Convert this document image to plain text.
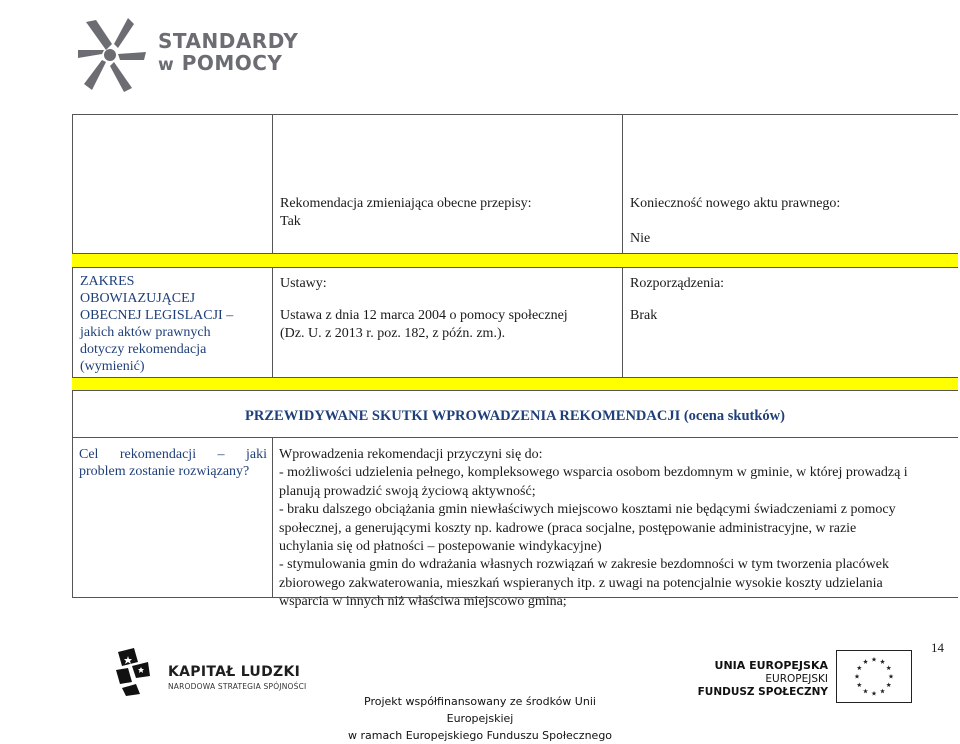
STANDARDY
w POMOCY
Rekomendacja zmieniająca obecne przepisy:
Tak
Konieczność nowego aktu prawnego:
Nie
ZAKRES
OBOWIAZUJĄCEJ
OBECNEJ LEGISLACJI –
jakich aktów prawnych
dotyczy rekomendacja
(wymienić)
Ustawy:
Ustawa z dnia 12 marca 2004 o pomocy społecznej
(Dz. U. z 2013 r. poz. 182, z późn. zm.).
Rozporządzenia:
Brak
PRZEWIDYWANE SKUTKI WPROWADZENIA REKOMENDACJI (ocena skutków)
Cel rekomendacji – jaki
problem zostanie rozwiązany?
Wprowadzenia rekomendacji przyczyni się do:
- możliwości udzielenia pełnego, kompleksowego wsparcia osobom bezdomnym w gminie, w której prowadzą i
planują prowadzić swoją życiową aktywność;
- braku dalszego obciążania gmin niewłaściwych miejscowo kosztami nie będącymi świadczeniami z pomocy
społecznej, a generującymi koszty np. kadrowe (praca socjalne, postępowanie administracyjne, w razie
uchylania się od płatności – postepowanie windykacyjne)
- stymulowania gmin do wdrażania własnych rozwiązań w zakresie bezdomności w tym tworzenia placówek
zbiorowego zakwaterowania, mieszkań wspieranych itp. z uwagi na potencjalnie wysokie koszty udzielania
wsparcia w innych niż właściwa miejscowo gmina;
14
KAPITAŁ LUDZKI
NARODOWA STRATEGIA SPÓJNOŚCI
Projekt współfinansowany ze środków Unii Europejskiej
w ramach Europejskiego Funduszu Społecznego
UNIA EUROPEJSKA
EUROPEJSKI
FUNDUSZ SPOŁECZNY
